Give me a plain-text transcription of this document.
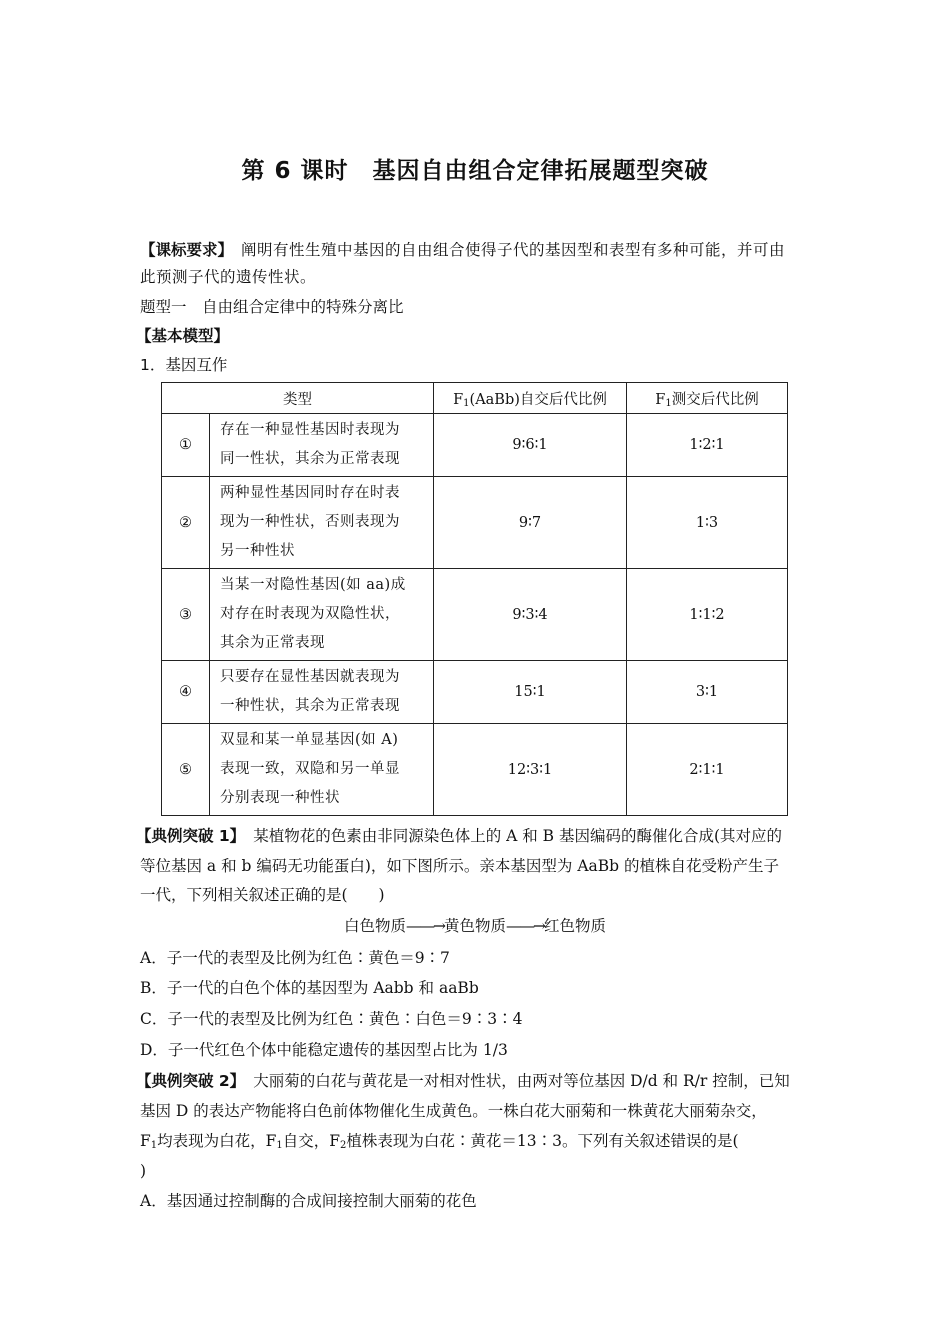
第 6 课时　基因自由组合定律拓展题型突破
【课标要求】 阐明有性生殖中基因的自由组合使得子代的基因型和表型有多种可能，并可由
此预测子代的遗传性状。
题型一　自由组合定律中的特殊分离比
【基本模型】
1．基因互作
类型		$F_1(AaBb)$自交后代比例	$F_1$测交后代比例
①	存在一种显性基因时表现为
同一性状，其余为正常表现	9∶6∶1	1∶2∶1
②	两种显性基因同时存在时表
现为一种性状，否则表现为
另一种性状	9∶7	1∶3
③	当某一对隐性基因(如 aa)成
对存在时表现为双隐性状，
其余为正常表现	9∶3∶4	1∶1∶2
④	只要存在显性基因就表现为
一种性状，其余为正常表现	15∶1	3∶1
⑤	双显和某一单显基因(如 A)
表现一致，双隐和另一单显
分别表现一种性状	12∶3∶1	2∶1∶1
【典例突破 1】 某植物花的色素由非同源染色体上的 A 和 B 基因编码的酶催化合成(其对应的
等位基因 a 和 b 编码无功能蛋白)，如下图所示。亲本基因型为 AaBb 的植株自花受粉产生子
一代，下列相关叙述正确的是(　　)
白色物质——→黄色物质——→红色物质
A．子一代的表型及比例为红色∶黄色＝9∶7
B．子一代的白色个体的基因型为 Aabb 和 aaBb
C．子一代的表型及比例为红色∶黄色∶白色＝9∶3∶4
D．子一代红色个体中能稳定遗传的基因型占比为 1/3
【典例突破 2】 大丽菊的白花与黄花是一对相对性状，由两对等位基因 D/d 和 R/r 控制，已知
基因 D 的表达产物能将白色前体物催化生成黄色。一株白花大丽菊和一株黄花大丽菊杂交，
$F_1$均表现为白花，$F_1$自交，$F_2$植株表现为白花∶黄花＝13∶3。下列有关叙述错误的是(
)
A．基因通过控制酶的合成间接控制大丽菊的花色
